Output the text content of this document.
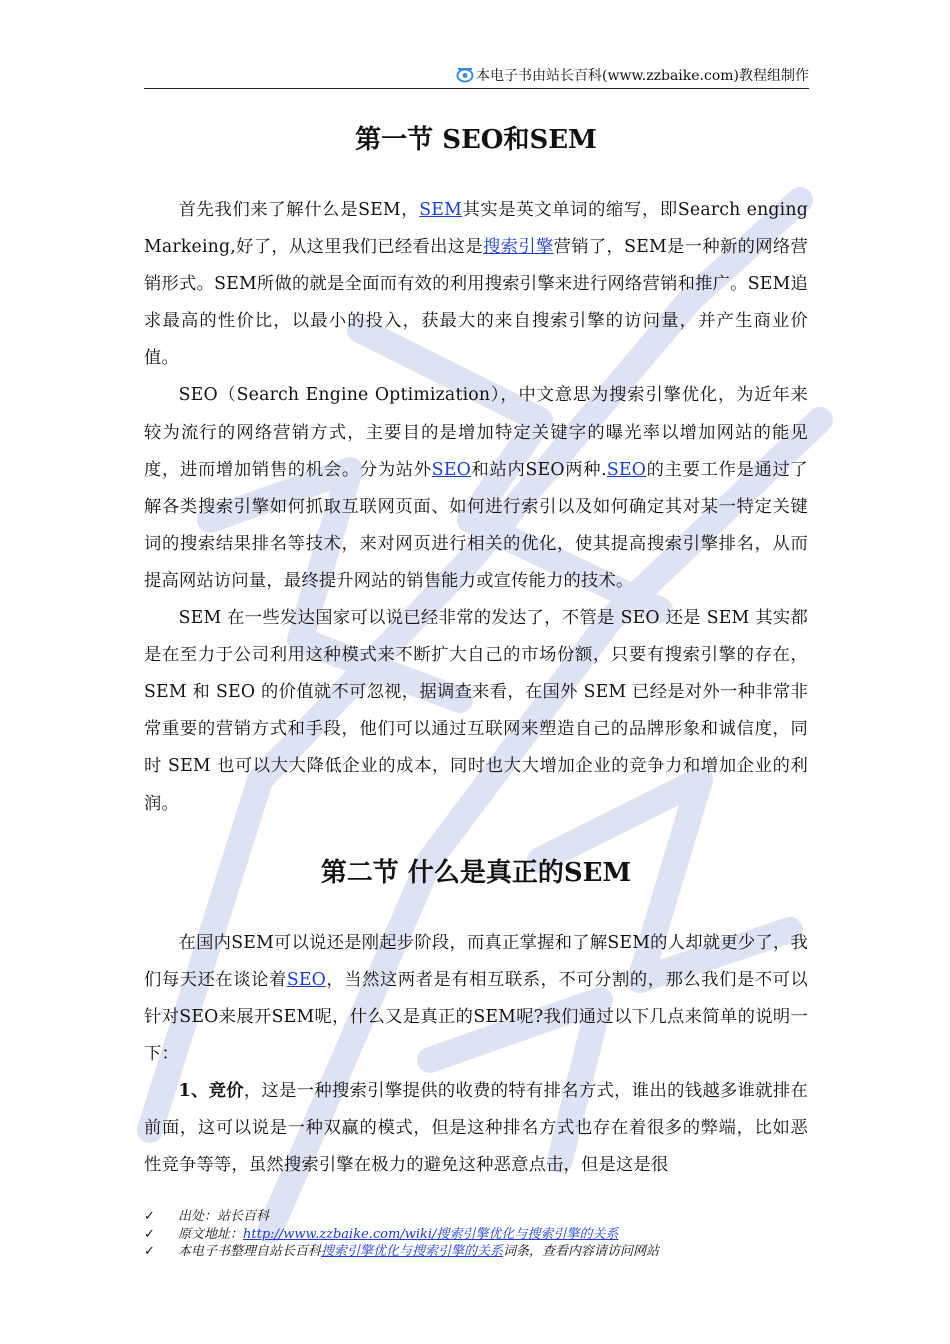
本电子书由站长百科(www.zzbaike.com)教程组制作
第一节 SEO和SEM

首先我们来了解什么是SEM，SEM其实是英文单词的缩写，即Search enging Markeing,好了，从这里我们已经看出这是搜索引擎营销了，SEM是一种新的网络营销形式。SEM所做的就是全面而有效的利用搜索引擎来进行网络营销和推广。SEM追求最高的性价比，以最小的投入，获最大的来自搜索引擎的访问量，并产生商业价值。

SEO（Search Engine Optimization），中文意思为搜索引擎优化，为近年来较为流行的网络营销方式，主要目的是增加特定关键字的曝光率以增加网站的能见度，进而增加销售的机会。分为站外SEO和站内SEO两种.SEO的主要工作是通过了解各类搜索引擎如何抓取互联网页面、如何进行索引以及如何确定其对某一特定关键词的搜索结果排名等技术，来对网页进行相关的优化，使其提高搜索引擎排名，从而提高网站访问量，最终提升网站的销售能力或宣传能力的技术。

SEM 在一些发达国家可以说已经非常的发达了，不管是 SEO 还是 SEM 其实都是在至力于公司利用这种模式来不断扩大自己的市场份额，只要有搜索引擎的存在，SEM 和 SEO 的价值就不可忽视，据调查来看，在国外 SEM 已经是对外一种非常非常重要的营销方式和手段，他们可以通过互联网来塑造自己的品牌形象和诚信度，同时 SEM 也可以大大降低企业的成本，同时也大大增加企业的竞争力和增加企业的利润。

第二节 什么是真正的SEM

在国内SEM可以说还是刚起步阶段，而真正掌握和了解SEM的人却就更少了，我们每天还在谈论着SEO，当然这两者是有相互联系，不可分割的，那么我们是不可以针对SEO来展开SEM呢，什么又是真正的SEM呢?我们通过以下几点来简单的说明一下：

1、竞价，这是一种搜索引擎提供的收费的特有排名方式，谁出的钱越多谁就排在前面，这可以说是一种双赢的模式，但是这种排名方式也存在着很多的弊端，比如恶性竞争等等，虽然搜索引擎在极力的避免这种恶意点击，但是这是很

✓ 出处：站长百科
✓ 原文地址：http://www.zzbaike.com/wiki/搜索引擎优化与搜索引擎的关系
✓ 本电子书整理自站长百科搜索引擎优化与搜索引擎的关系词条，查看内容请访问网站
